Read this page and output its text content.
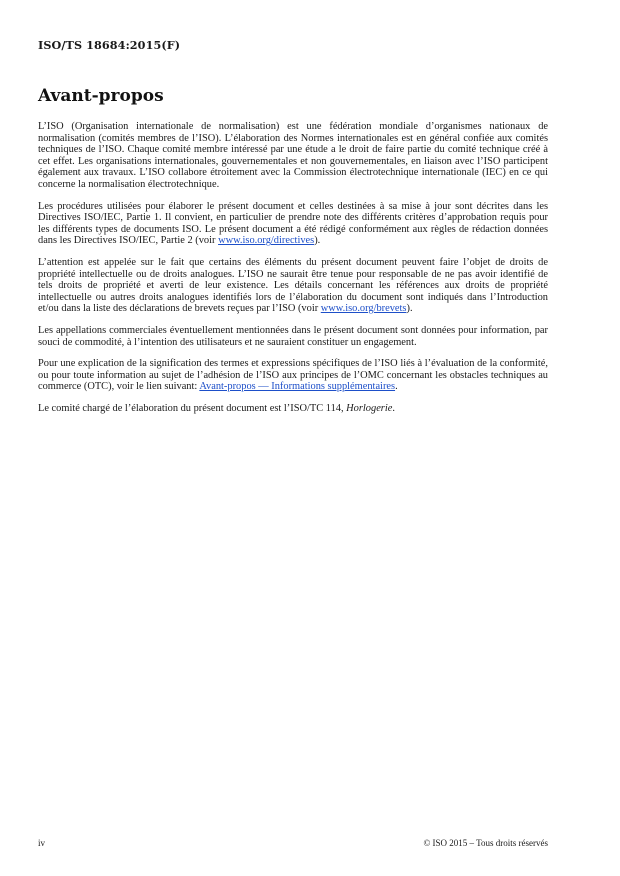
ISO/TS 18684:2015(F)
Avant-propos

L’ISO (Organisation internationale de normalisation) est une fédération mondiale d’organismes nationaux de normalisation (comités membres de l’ISO). L’élaboration des Normes internationales est en général confiée aux comités techniques de l’ISO. Chaque comité membre intéressé par une étude a le droit de faire partie du comité technique créé à cet effet. Les organisations internationales, gouvernementales et non gouvernementales, en liaison avec l’ISO participent également aux travaux. L’ISO collabore étroitement avec la Commission électrotechnique internationale (IEC) en ce qui concerne la normalisation électrotechnique.

Les procédures utilisées pour élaborer le présent document et celles destinées à sa mise à jour sont décrites dans les Directives ISO/IEC, Partie 1. Il convient, en particulier de prendre note des différents critères d’approbation requis pour les différents types de documents ISO. Le présent document a été rédigé conformément aux règles de rédaction données dans les Directives ISO/IEC, Partie 2 (voir www.iso.org/directives).

L’attention est appelée sur le fait que certains des éléments du présent document peuvent faire l’objet de droits de propriété intellectuelle ou de droits analogues. L’ISO ne saurait être tenue pour responsable de ne pas avoir identifié de tels droits de propriété et averti de leur existence. Les détails concernant les références aux droits de propriété intellectuelle ou autres droits analogues identifiés lors de l’élaboration du document sont indiqués dans l’Introduction et/ou dans la liste des déclarations de brevets reçues par l’ISO (voir www.iso.org/brevets).

Les appellations commerciales éventuellement mentionnées dans le présent document sont données pour information, par souci de commodité, à l’intention des utilisateurs et ne sauraient constituer un engagement.

Pour une explication de la signification des termes et expressions spécifiques de l’ISO liés à l’évaluation de la conformité, ou pour toute information au sujet de l’adhésion de l’ISO aux principes de l’OMC concernant les obstacles techniques au commerce (OTC), voir le lien suivant: Avant-propos — Informations supplémentaires.

Le comité chargé de l’élaboration du présent document est l’ISO/TC 114, Horlogerie.

iv	© ISO 2015 – Tous droits réservés
